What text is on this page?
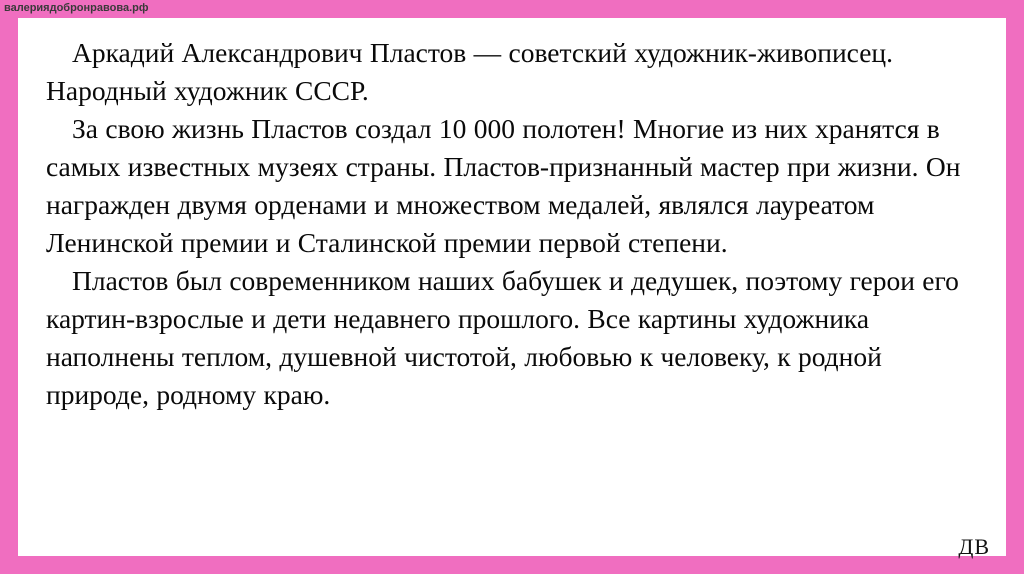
валериядобронравова.рф

Аркадий Александрович Пластов — советский художник-живописец. Народный художник СССР.

За свою жизнь Пластов создал 10 000 полотен! Многие из них хранятся в самых известных музеях страны. Пластов-признанный мастер при жизни. Он награжден двумя орденами и множеством медалей, являлся лауреатом Ленинской премии и Сталинской премии первой степени.

Пластов был современником наших бабушек и дедушек, поэтому герои его картин-взрослые и дети недавнего прошлого. Все картины художника наполнены теплом, душевной чистотой, любовью к человеку, к родной природе, родному краю.

ДВ
